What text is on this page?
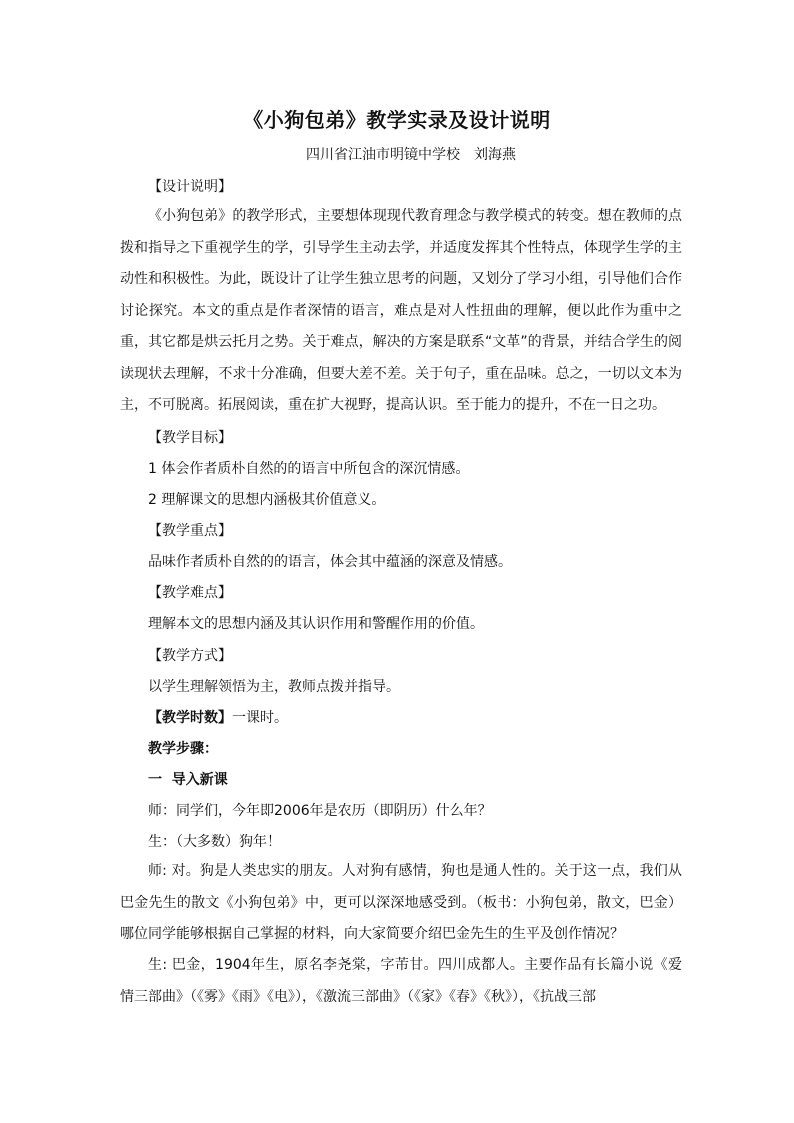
《小狗包弟》教学实录及设计说明
四川省江油市明镜中学校　刘海燕
【设计说明】
《小狗包弟》的教学形式，主要想体现现代教育理念与教学模式的转变。想在教师的点拨和指导之下重视学生的学，引导学生主动去学，并适度发挥其个性特点，体现学生学的主动性和积极性。为此，既设计了让学生独立思考的问题，又划分了学习小组，引导他们合作讨论探究。本文的重点是作者深情的语言，难点是对人性扭曲的理解，便以此作为重中之重，其它都是烘云托月之势。关于难点，解决的方案是联系“文革”的背景，并结合学生的阅读现状去理解，不求十分准确，但要大差不差。关于句子，重在品味。总之，一切以文本为主，不可脱离。拓展阅读，重在扩大视野，提高认识。至于能力的提升，不在一日之功。
【教学目标】
1 体会作者质朴自然的的语言中所包含的深沉情感。
2 理解课文的思想内涵极其价值意义。
【教学重点】
品味作者质朴自然的的语言，体会其中蕴涵的深意及情感。
【教学难点】
理解本文的思想内涵及其认识作用和警醒作用的价值。
【教学方式】
以学生理解领悟为主，教师点拨并指导。
【教学时数】一课时。
教学步骤：
一  导入新课
师：同学们，今年即2006年是农历（即阴历）什么年？
生：（大多数）狗年！
师: 对。狗是人类忠实的朋友。人对狗有感情，狗也是通人性的。关于这一点，我们从巴金先生的散文《小狗包弟》中，更可以深深地感受到。（板书：小狗包弟，散文，巴金）哪位同学能够根据自己掌握的材料，向大家简要介绍巴金先生的生平及创作情况？
生: 巴金，1904年生，原名李尧棠，字芾甘。四川成都人。主要作品有长篇小说《爱情三部曲》（《雾》《雨》《电》），《激流三部曲》（《家》《春》《秋》），《抗战三部
